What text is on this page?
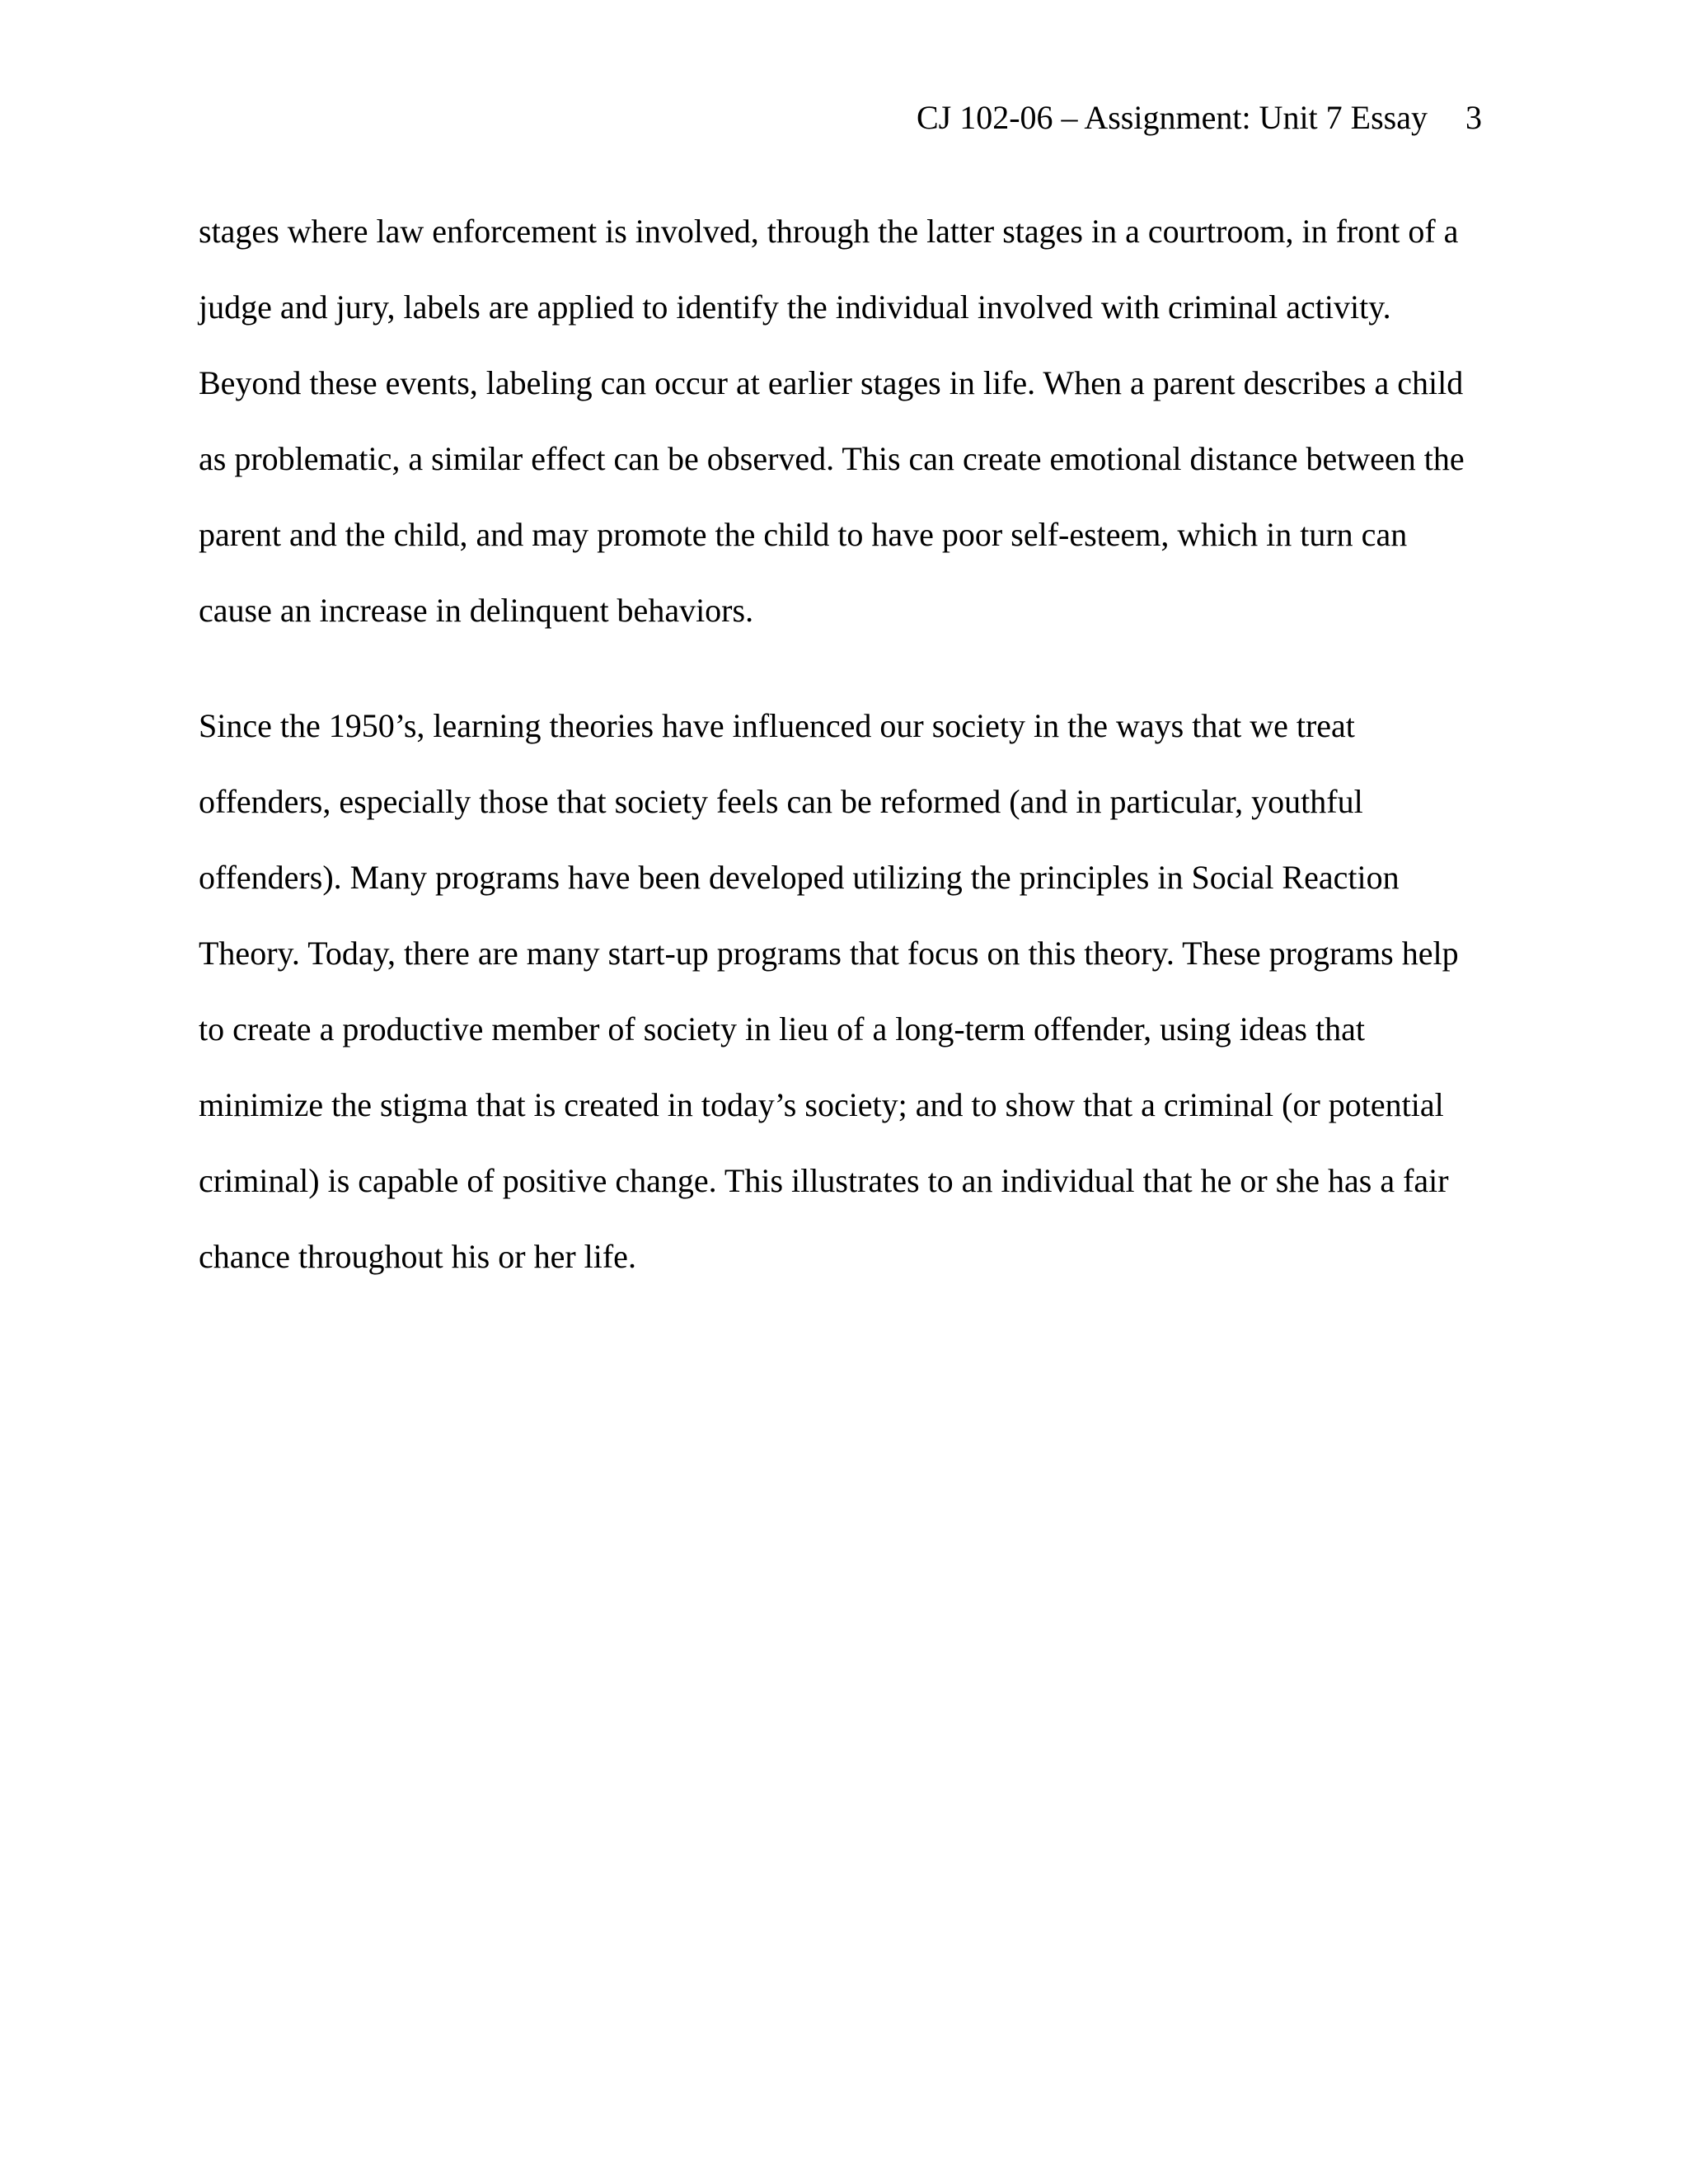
CJ 102-06 – Assignment: Unit 7 Essay 3
stages where law enforcement is involved, through the latter stages in a courtroom, in front of a
judge and jury, labels are applied to identify the individual involved with criminal activity.
Beyond these events, labeling can occur at earlier stages in life. When a parent describes a child
as problematic, a similar effect can be observed. This can create emotional distance between the
parent and the child, and may promote the child to have poor self-esteem, which in turn can
cause an increase in delinquent behaviors.
Since the 1950’s, learning theories have influenced our society in the ways that we treat
offenders, especially those that society feels can be reformed (and in particular, youthful
offenders). Many programs have been developed utilizing the principles in Social Reaction
Theory. Today, there are many start-up programs that focus on this theory. These programs help
to create a productive member of society in lieu of a long-term offender, using ideas that
minimize the stigma that is created in today’s society; and to show that a criminal (or potential
criminal) is capable of positive change. This illustrates to an individual that he or she has a fair
chance throughout his or her life.
